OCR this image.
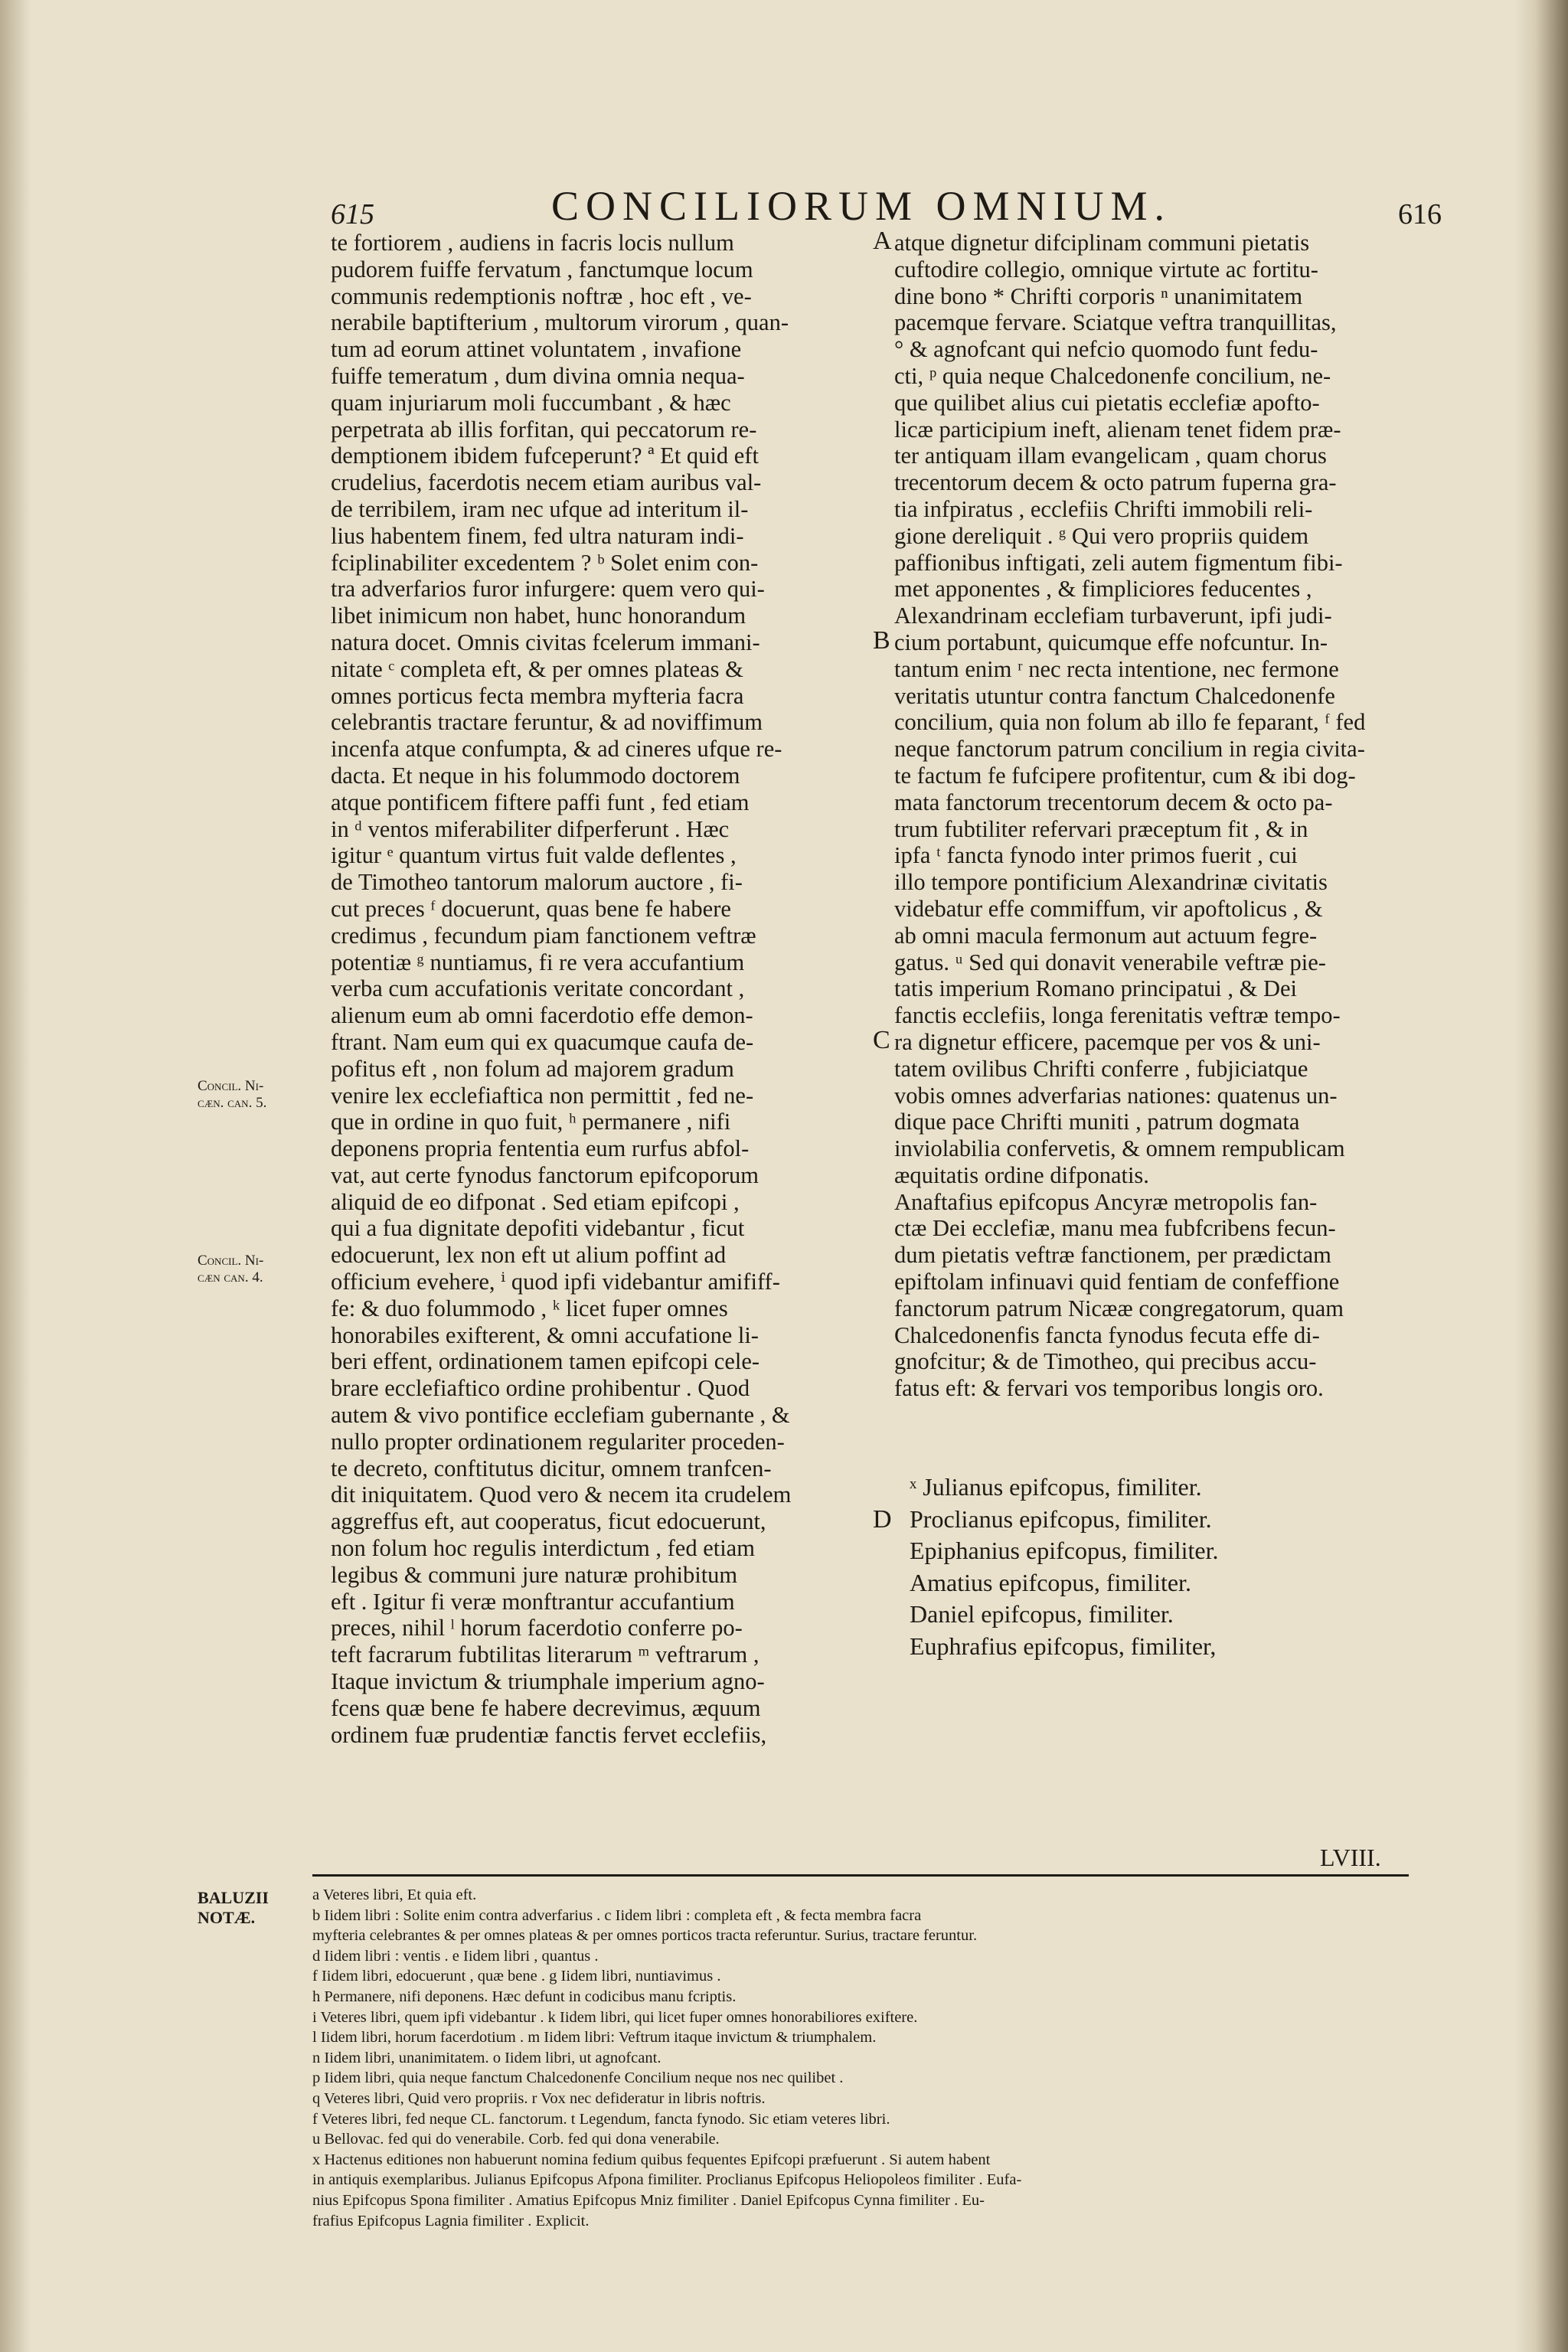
615	CONCILIORUM OMNIUM.	616
te fortiorem , audiens in facris locis nullum
pudorem fuiffe fervatum , fanctumque locum
communis redemptionis noftræ , hoc eft , ve-
nerabile baptifterium , multorum virorum , quan-
tum ad eorum attinet voluntatem , invafione
fuiffe temeratum , dum divina omnia nequa-
quam injuriarum moli fuccumbant , & hæc
perpetrata ab illis forfitan, qui peccatorum re-
demptionem ibidem fufceperunt? ª Et quid eft
crudelius, facerdotis necem etiam auribus val-
de terribilem, iram nec ufque ad interitum il-
lius habentem finem, fed ultra naturam indi-
fciplinabiliter excedentem ? ᵇ Solet enim con-
tra adverfarios furor infurgere: quem vero qui-
libet inimicum non habet, hunc honorandum
natura docet. Omnis civitas fcelerum immani-
nitate ᶜ completa eft, & per omnes plateas &
omnes porticus fecta membra myfteria facra
celebrantis tractare feruntur, & ad noviffimum
incenfa atque confumpta, & ad cineres ufque re-
dacta. Et neque in his folummodo doctorem
atque pontificem fiftere paffi funt , fed etiam
in ᵈ ventos miferabiliter difperferunt . Hæc
igitur ᵉ quantum virtus fuit valde deflentes ,
de Timotheo tantorum malorum auctore , fi-
cut preces ᶠ docuerunt, quas bene fe habere
credimus , fecundum piam fanctionem veftræ
potentiæ ᵍ nuntiamus, fi re vera accufantium
verba cum accufationis veritate concordant ,
alienum eum ab omni facerdotio effe demon-
ftrant. Nam eum qui ex quacumque caufa de-
pofitus eft , non folum ad majorem gradum
venire lex ecclefiaftica non permittit , fed ne-
que in ordine in quo fuit, ʰ permanere , nifi
deponens propria fententia eum rurfus abfol-
vat, aut certe fynodus fanctorum epifcoporum
aliquid de eo difponat . Sed etiam epifcopi ,
qui a fua dignitate depofiti videbantur , ficut
edocuerunt, lex non eft ut alium poffint ad
officium evehere, ⁱ quod ipfi videbantur amififf-
fe: & duo folummodo , ᵏ licet fuper omnes
honorabiles exifterent, & omni accufatione li-
beri effent, ordinationem tamen epifcopi cele-
brare ecclefiaftico ordine prohibentur . Quod
autem & vivo pontifice ecclefiam gubernante , &
nullo propter ordinationem regulariter proceden-
te decreto, conftitutus dicitur, omnem tranfcen-
dit iniquitatem. Quod vero & necem ita crudelem
aggreffus eft, aut cooperatus, ficut edocuerunt,
non folum hoc regulis interdictum , fed etiam
legibus & communi jure naturæ prohibitum
eft . Igitur fi veræ monftrantur accufantium
preces, nihil ˡ horum facerdotio conferre po-
teft facrarum fubtilitas literarum ᵐ veftrarum ,
Itaque invictum & triumphale imperium agno-
fcens quæ bene fe habere decrevimus, æquum
ordinem fuæ prudentiæ fanctis fervet ecclefiis,
atque dignetur difciplinam communi pietatis
cuftodire collegio, omnique virtute ac fortitu-
dine bono * Chrifti corporis ⁿ unanimitatem
pacemque fervare. Sciatque veftra tranquillitas,
° & agnofcant qui nefcio quomodo funt fedu-
cti, ᵖ quia neque Chalcedonenfe concilium, ne-
que quilibet alius cui pietatis ecclefiæ apofto-
licæ participium ineft, alienam tenet fidem præ-
ter antiquam illam evangelicam , quam chorus
trecentorum decem & octo patrum fuperna gra-
tia infpiratus , ecclefiis Chrifti immobili reli-
gione dereliquit . ᵍ Qui vero propriis quidem
paffionibus inftigati, zeli autem figmentum fibi-
met apponentes , & fimpliciores feducentes ,
Alexandrinam ecclefiam turbaverunt, ipfi judi-
cium portabunt, quicumque effe nofcuntur. In-
tantum enim ʳ nec recta intentione, nec fermone
veritatis utuntur contra fanctum Chalcedonenfe
concilium, quia non folum ab illo fe feparant, ᶠ fed
neque fanctorum patrum concilium in regia civita-
te factum fe fufcipere profitentur, cum & ibi dog-
mata fanctorum trecentorum decem & octo pa-
trum fubtiliter refervari præceptum fit , & in
ipfa ᵗ fancta fynodo inter primos fuerit , cui
illo tempore pontificium Alexandrinæ civitatis
videbatur effe commiffum, vir apoftolicus , &
ab omni macula fermonum aut actuum fegre-
gatus. ᵘ Sed qui donavit venerabile veftræ pie-
tatis imperium Romano principatui , & Dei
fanctis ecclefiis, longa ferenitatis veftræ tempo-
ra dignetur efficere, pacemque per vos & uni-
tatem ovilibus Chrifti conferre , fubjiciatque
vobis omnes adverfarias nationes: quatenus un-
dique pace Chrifti muniti , patrum dogmata
inviolabilia confervetis, & omnem rempublicam
æquitatis ordine difponatis.
Anaftafius epifcopus Ancyræ metropolis fan-
ctæ Dei ecclefiæ, manu mea fubfcribens fecun-
dum pietatis veftræ fanctionem, per prædictam
epiftolam infinuavi quid fentiam de confeffione
fanctorum patrum Nicææ congregatorum, quam
Chalcedonenfis fancta fynodus fecuta effe di-
gnofcitur; & de Timotheo, qui precibus accu-
fatus eft: & fervari vos temporibus longis oro.
A
B
C
D
Concil. Ni-
cæn. can. 5.
Concil. Ni-
cæn can. 4.
ˣ Julianus epifcopus, fimiliter.
Proclianus epifcopus, fimiliter.
Epiphanius epifcopus, fimiliter.
Amatius epifcopus, fimiliter.
Daniel epifcopus, fimiliter.
Euphrafius epifcopus, fimiliter,
LVIII.
BALUZII
NOTÆ.
a Veteres libri, Et quia eft.
b Iidem libri : Solite enim contra adverfarius . c Iidem libri : completa eft , & fecta membra facra
myfteria celebrantes & per omnes plateas & per omnes porticos tracta referuntur. Surius, tractare feruntur.
d Iidem libri : ventis . e Iidem libri , quantus .
f Iidem libri, edocuerunt , quæ bene . g Iidem libri, nuntiavimus .
h Permanere, nifi deponens. Hæc defunt in codicibus manu fcriptis.
i Veteres libri, quem ipfi videbantur . k Iidem libri, qui licet fuper omnes honorabiliores exiftere.
l Iidem libri, horum facerdotium . m Iidem libri: Veftrum itaque invictum & triumphalem.
n Iidem libri, unanimitatem. o Iidem libri, ut agnofcant.
p Iidem libri, quia neque fanctum Chalcedonenfe Concilium neque nos nec quilibet .
q Veteres libri, Quid vero propriis. r Vox nec defideratur in libris noftris.
f Veteres libri, fed neque CL. fanctorum. t Legendum, fancta fynodo. Sic etiam veteres libri.
u Bellovac. fed qui do venerabile. Corb. fed qui dona venerabile.
x Hactenus editiones non habuerunt nomina fedium quibus fequentes Epifcopi præfuerunt . Si autem habent
in antiquis exemplaribus. Julianus Epifcopus Afpona fimiliter. Proclianus Epifcopus Heliopoleos fimiliter . Eufa-
nius Epifcopus Spona fimiliter . Amatius Epifcopus Mniz fimiliter . Daniel Epifcopus Cynna fimiliter . Eu-
frafius Epifcopus Lagnia fimiliter . Explicit.
